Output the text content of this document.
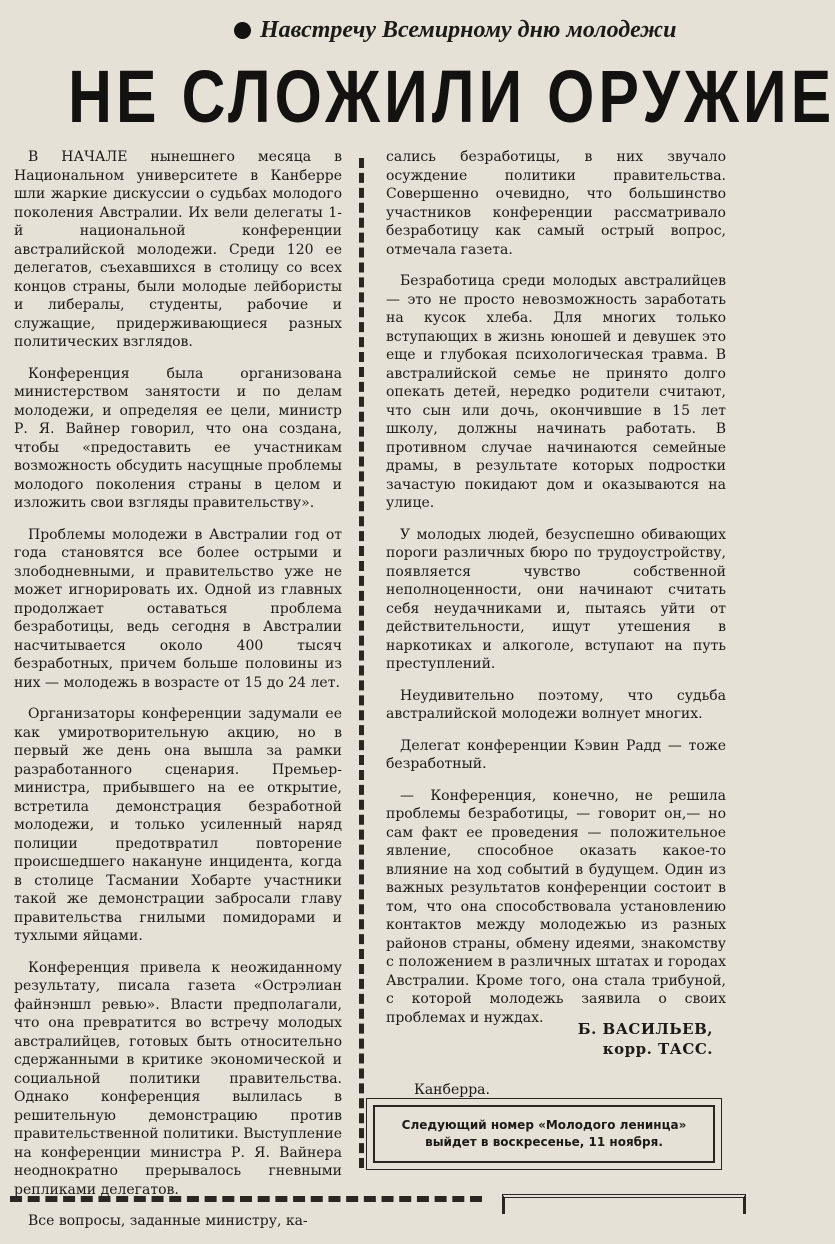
Навстречу Всемирному дню молодежи
НЕ СЛОЖИЛИ ОРУЖИЕ

В НАЧАЛЕ нынешнего месяца в Национальном университете в Канберре шли жаркие дискуссии о судьбах молодого поколения Австралии. Их вели делегаты 1-й национальной конференции австралийской молодежи. Среди 120 ее делегатов, съехавшихся в столицу со всех концов страны, были молодые лейбористы и либералы, студенты, рабочие и служащие, придерживающиеся разных политических взглядов.

Конференция была организована министерством занятости и по делам молодежи, и определяя ее цели, министр Р. Я. Вайнер говорил, что она создана, чтобы «предоставить ее участникам возможность обсудить насущные проблемы молодого поколения страны в целом и изложить свои взгляды правительству».

Проблемы молодежи в Австралии год от года становятся все более острыми и злободневными, и правительство уже не может игнорировать их. Одной из главных продолжает оставаться проблема безработицы, ведь сегодня в Австралии насчитывается около 400 тысяч безработных, причем больше половины из них — молодежь в возрасте от 15 до 24 лет.

Организаторы конференции задумали ее как умиротворительную акцию, но в первый же день она вышла за рамки разработанного сценария. Премьер-министра, прибывшего на ее открытие, встретила демонстрация безработной молодежи, и только усиленный наряд полиции предотвратил повторение происшедшего накануне инцидента, когда в столице Тасмании Хобарте участники такой же демонстрации забросали главу правительства гнилыми помидорами и тухлыми яйцами.

Конференция привела к неожиданному результату, писала газета «Острэлиан файнэншл ревью». Власти предполагали, что она превратится во встречу молодых австралийцев, готовых быть относительно сдержанными в критике экономической и социальной политики правительства. Однако конференция вылилась в решительную демонстрацию против правительственной политики. Выступление на конференции министра Р. Я. Вайнера неоднократно прерывалось гневными репликами делегатов.

Все вопросы, заданные министру, ка-

сались безработицы, в них звучало осуждение политики правительства. Совершенно очевидно, что большинство участников конференции рассматривало безработицу как самый острый вопрос, отмечала газета.

Безработица среди молодых австралийцев — это не просто невозможность заработать на кусок хлеба. Для многих только вступающих в жизнь юношей и девушек это еще и глубокая психологическая травма. В австралийской семье не принято долго опекать детей, нередко родители считают, что сын или дочь, окончившие в 15 лет школу, должны начинать работать. В противном случае начинаются семейные драмы, в результате которых подростки зачастую покидают дом и оказываются на улице.

У молодых людей, безуспешно обивающих пороги различных бюро по трудоустройству, появляется чувство собственной неполноценности, они начинают считать себя неудачниками и, пытаясь уйти от действительности, ищут утешения в наркотиках и алкоголе, вступают на путь преступлений.

Неудивительно поэтому, что судьба австралийской молодежи волнует многих.

Делегат конференции Кэвин Радд — тоже безработный.

— Конференция, конечно, не решила проблемы безработицы, — говорит он,— но сам факт ее проведения — положительное явление, способное оказать какое-то влияние на ход событий в будущем. Один из важных результатов конференции состоит в том, что она способствовала установлению контактов между молодежью из разных районов страны, обмену идеями, знакомству с положением в различных штатах и городах Австралии. Кроме того, она стала трибуной, с которой молодежь заявила о своих проблемах и нуждах.

Б. ВАСИЛЬЕВ,
корр. ТАСС.
Канберра.
Следующий номер «Молодого ленинца» выйдет в воскресенье, 11 ноября.
